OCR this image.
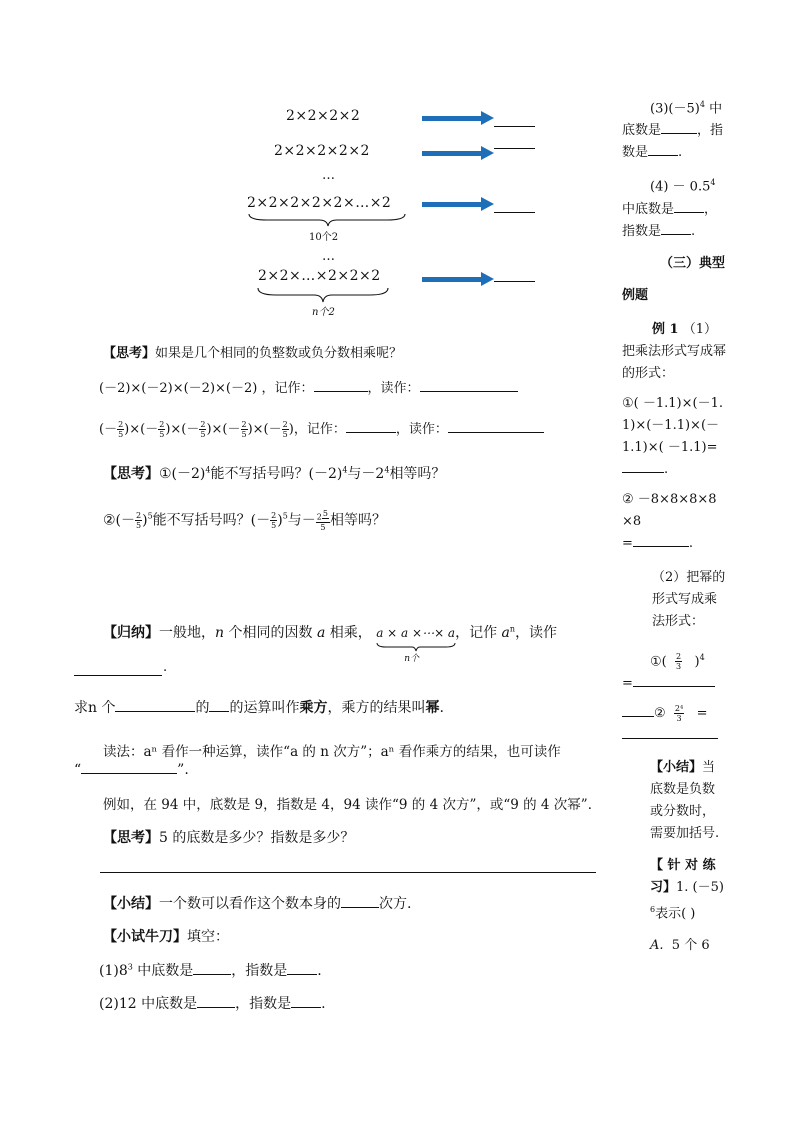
2×2×2×2
2×2×2×2×2
…
2×2×2×2×2×…×2
10个2
…
2×2×…×2×2×2
n个2
【思考】如果是几个相同的负整数或负分数相乘呢？
(－2)×(－2)×(－2)×(－2) ，记作：	，读作：
(－ $\frac{2}{5}$ )×(－ $\frac{2}{5}$ )×(－ $\frac{2}{5}$ )×(－ $\frac{2}{5}$ )×(－ $\frac{2}{5}$ )，记作：	，读作：
【思考】$①(-2)^4$能不写括号吗？$(-2)^4$与$-2^4$相等吗？
②(－ $\frac{2}{5} )^5$能不写括号吗？(－ $\frac{2}{5} )^5$与－ $\frac{25}{5}$ 相等吗？
【归纳】一般地，n 个相同的因数 a 相乘， a × a ×⋯× a
n个
，记作 $a^n$，读作
.
求n 个	的 的运算叫作乘方，乘方的结果叫幂.
读法：aⁿ 看作一种运算，读作“a 的 n 次方”；aⁿ 看作乘方的结果，也可读作
“	”.
例如，在 94 中，底数是 9，指数是 4，94 读作“9 的 4 次方”，或“9 的 4 次幂”．
【思考】5 的底数是多少？指数是多少？
【小结】一个数可以看作这个数本身的	次方.
【小试牛刀】填空：
$(1)8^3$ 中底数是	，指数是 .
(2)12 中底数是	，指数是 .

$(3)(-5)^4$ 中

底数是	，指

数是 .

$(4) - 0.5^4$

中底数是 ，

指数是 .

（三）典型

例题

例 1 （1）

把乘法形式写成幂的形式：

①( －1.1)×(－1.1)×(－1.1)×(－1.1)×( －1.1)=.

② －8×8×8×8×8

=	.

（2）把幂的形式写成乘法形式：

①( $\frac{2}{3} )^4$

=

② $\frac{\text{2⁴}}{3}$ =

【小结】当底数是负数或分数时，需要加括号.

【 针 对 练 习】1. $(-5)^6$表示( )

A. 5 个 6
